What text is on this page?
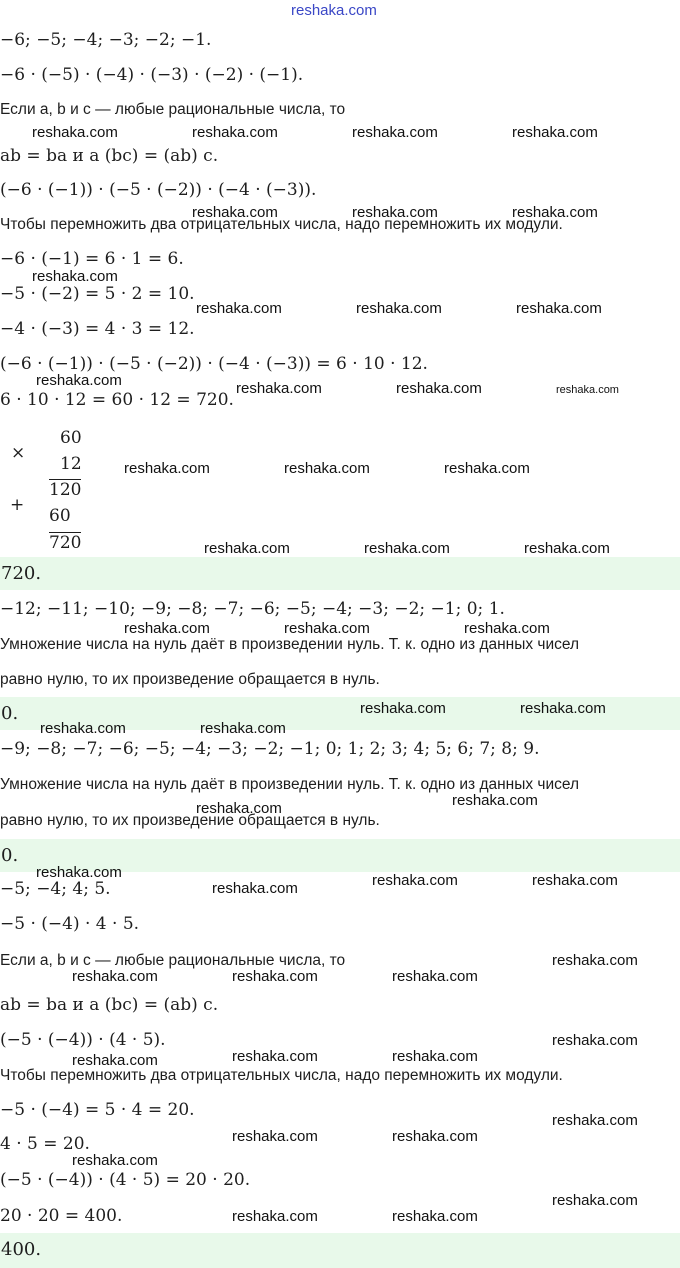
reshaka.com
−6; −5; −4; −3; −2; −1.
−6 · (−5) · (−4) · (−3) · (−2) · (−1).
Если a, b и c — любые рациональные числа, то
ab = ba и a (bc) = (ab) c.
(−6 · (−1)) · (−5 · (−2)) · (−4 · (−3)).
Чтобы перемножить два отрицательных числа, надо перемножить их модули.
−6 · (−1) = 6 · 1 = 6.
−5 · (−2) = 5 · 2 = 10.
−4 · (−3) = 4 · 3 = 12.
(−6 · (−1)) · (−5 · (−2)) · (−4 · (−3)) = 6 · 10 · 12.
6 · 10 · 12 = 60 · 12 = 720.
×
60
12
120
+
60
720
720.
−12; −11; −10; −9; −8; −7; −6; −5; −4; −3; −2; −1; 0; 1.
Умножение числа на нуль даёт в произведении нуль. Т. к. одно из данных чисел
равно нулю, то их произведение обращается в нуль.
0.
−9; −8; −7; −6; −5; −4; −3; −2; −1; 0; 1; 2; 3; 4; 5; 6; 7; 8; 9.
Умножение числа на нуль даёт в произведении нуль. Т. к. одно из данных чисел
равно нулю, то их произведение обращается в нуль.
0.
−5; −4; 4; 5.
−5 · (−4) · 4 · 5.
Если a, b и c — любые рациональные числа, то
ab = ba и a (bc) = (ab) c.
(−5 · (−4)) · (4 · 5).
Чтобы перемножить два отрицательных числа, надо перемножить их модули.
−5 · (−4) = 5 · 4 = 20.
4 · 5 = 20.
(−5 · (−4)) · (4 · 5) = 20 · 20.
20 · 20 = 400.
400.
reshaka.com	reshaka.com	reshaka.com	reshaka.com
reshaka.com	reshaka.com	reshaka.com
reshaka.com
reshaka.com	reshaka.com	reshaka.com
reshaka.com	reshaka.com	reshaka.com	reshaka.com
reshaka.com	reshaka.com	reshaka.com
reshaka.com	reshaka.com	reshaka.com
reshaka.com	reshaka.com	reshaka.com
reshaka.com	reshaka.com
reshaka.com	reshaka.com
reshaka.com
reshaka.com
reshaka.com	reshaka.com	reshaka.com
reshaka.com
reshaka.com
reshaka.com	reshaka.com	reshaka.com
reshaka.com
reshaka.com	reshaka.com
reshaka.com
reshaka.com
reshaka.com	reshaka.com
reshaka.com
reshaka.com
reshaka.com	reshaka.com
